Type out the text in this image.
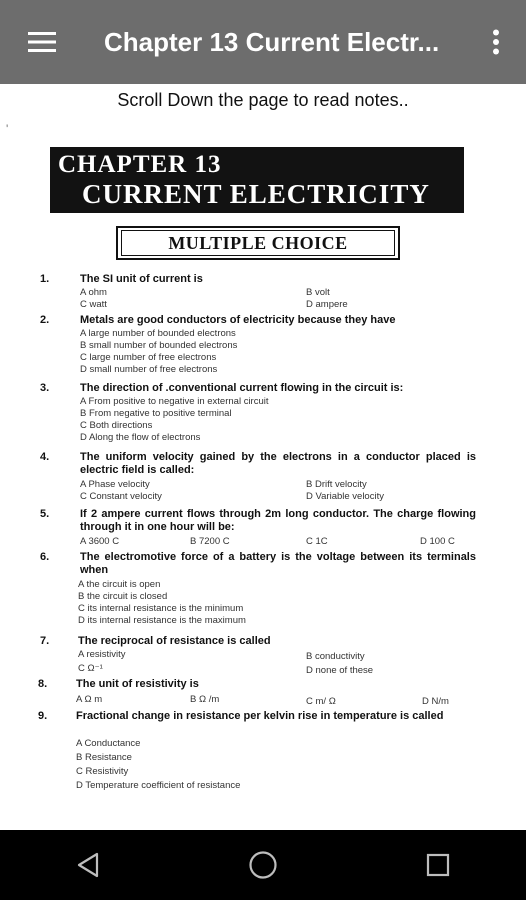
Chapter 13 Current Electr...
Scroll Down the page to read notes..
'
CHAPTER 13
CURRENT ELECTRICITY
MULTIPLE CHOICE
1.	The SI unit of current is
A ohm	B volt
C watt	D ampere
2.	Metals are good conductors of electricity because they have
A large number of bounded electrons
B small number of bounded electrons
C large number of free electrons
D small number of free electrons
3.	The direction of .conventional current flowing in the circuit is:
A From positive to negative in external circuit
B From negative to positive terminal
C Both directions
D Along the flow of electrons
4.	The uniform velocity gained by the electrons in a conductor placed is electric field is called:
A Phase velocity	B Drift velocity
C Constant velocity	D Variable velocity
5.	If 2 ampere current flows through 2m long conductor. The charge flowing through it in one hour will be:
A 3600 C	B 7200 C	C 1C	D 100 C
6.	The electromotive force of a battery is the voltage between its terminals when
A the circuit is open
B the circuit is closed
C its internal resistance is the minimum
D its internal resistance is the maximum
7.	The reciprocal of resistance is called
A resistivity	B conductivity
C Ω⁻¹	D none of these
8.	The unit of resistivity is
A Ω m	B Ω /m	C m/ Ω	D N/m
9.	Fractional change in resistance per kelvin rise in temperature is called
A Conductance
B Resistance
C Resistivity
D Temperature coefficient of resistance
